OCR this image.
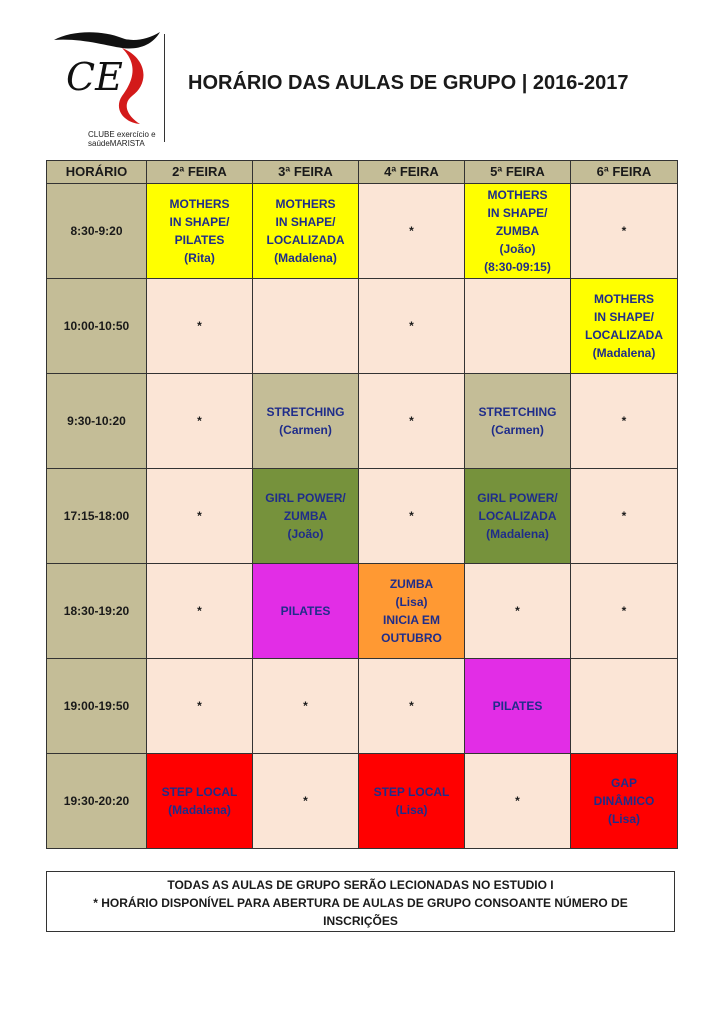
CE
CLUBE exercício e
saúdeMARISTA
HORÁRIO DAS AULAS DE GRUPO | 2016-2017
HORÁRIO	2ª FEIRA	3ª FEIRA	4ª FEIRA	5ª FEIRA	6ª FEIRA
8:30-9:20	MOTHERS
IN SHAPE/
PILATES
(Rita)	MOTHERS
IN SHAPE/
LOCALIZADA
(Madalena)	*	MOTHERS
IN SHAPE/
ZUMBA
(João)
(8:30-09:15)	*

10:00-10:50	*		*		MOTHERS
IN SHAPE/
LOCALIZADA
(Madalena)

9:30-10:20	*	STRETCHING
(Carmen)	*	STRETCHING
(Carmen)	*

17:15-18:00	*	GIRL POWER/
ZUMBA
(João)	*	GIRL POWER/
LOCALIZADA
(Madalena)	*

18:30-19:20	*	PILATES	ZUMBA
(Lisa)
INICIA EM
OUTUBRO	*	*

19:00-19:50	*	*	*	PILATES	

19:30-20:20	STEP LOCAL
(Madalena)	*	STEP LOCAL
(Lisa)	*	GAP
DINÂMICO
(Lisa)
TODAS AS AULAS DE GRUPO SERÃO LECIONADAS NO ESTUDIO I
* HORÁRIO DISPONÍVEL PARA ABERTURA DE AULAS DE GRUPO CONSOANTE NÚMERO DE
INSCRIÇÕES
